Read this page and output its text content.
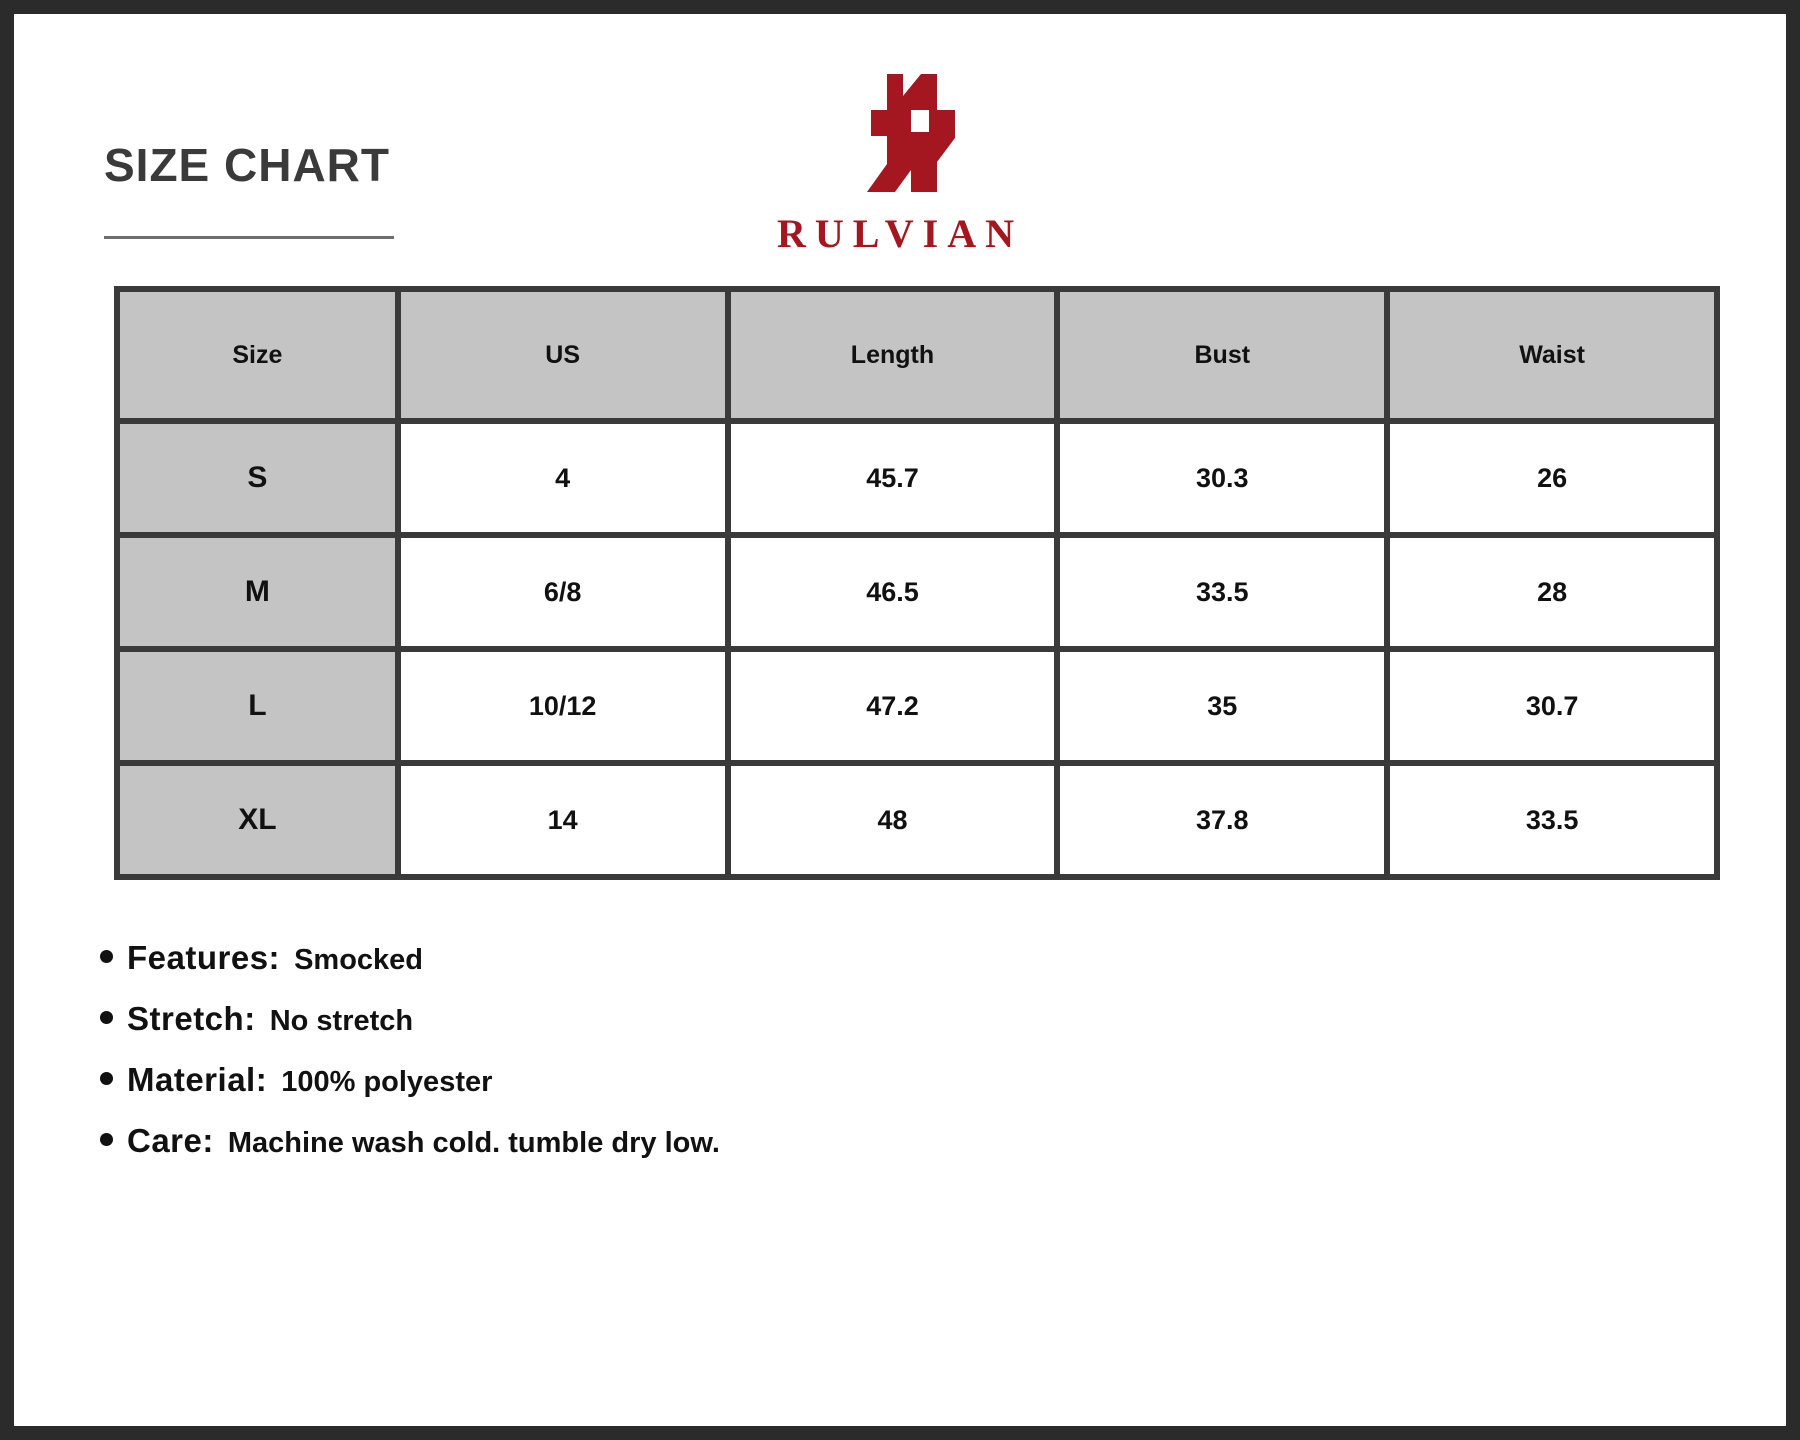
SIZE CHART
RULVIAN
Size	US	Length	Bust	Waist
S	4	45.7	30.3	26
M	6/8	46.5	33.5	28
L	10/12	47.2	35	30.7
XL	14	48	37.8	33.5
Features: Smocked
Stretch: No stretch
Material: 100% polyester
Care: Machine wash cold. tumble dry low.
